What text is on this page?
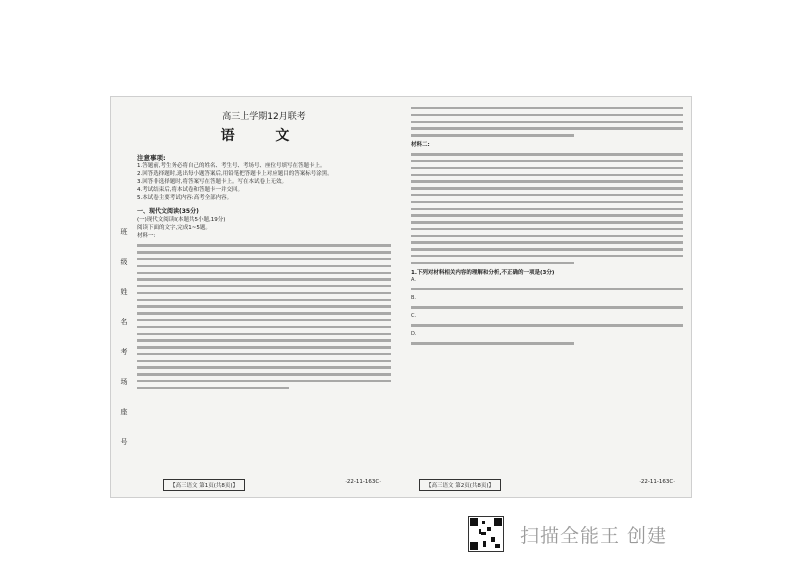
班
级
姓
名
考
场
座
号
高三上学期12月联考
语 文
注意事项:
1.答题前,考生务必将自己的姓名、考生号、考场号、座位号填写在答题卡上。
2.回答选择题时,选出每小题答案后,用铅笔把答题卡上对应题目的答案标号涂黑。
3.回答非选择题时,将答案写在答题卡上。写在本试卷上无效。
4.考试结束后,将本试卷和答题卡一并交回。
5.本试卷主要考试内容:高考全部内容。
一、现代文阅读(35分)
(一)现代文阅读Ⅰ(本题共5小题,19分)
阅读下面的文字,完成1~5题。
材料一:
【高三语文 第1页(共8页)】
·22-11-163C·
材料二:
1.下列对材料相关内容的理解和分析,不正确的一项是(3分)
A.
B.
C.
D.
【高三语文 第2页(共8页)】
·22-11-163C·
扫描全能王 创建
